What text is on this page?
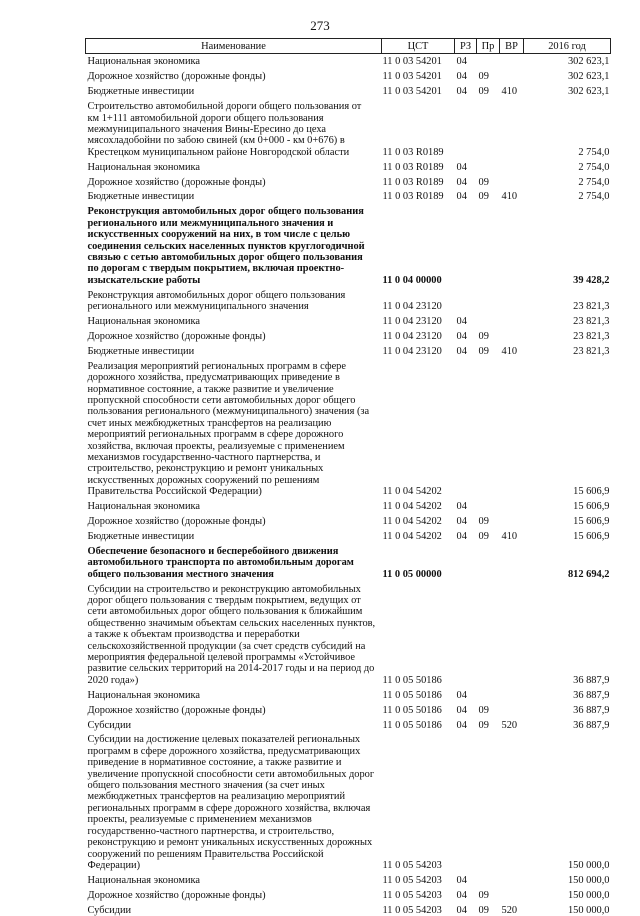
273
Наименование	ЦСТ	РЗ	Пр	ВР	2016 год
Национальная экономика	11 0 03 54201	04			302 623,1
Дорожное хозяйство (дорожные фонды)	11 0 03 54201	04	09		302 623,1
Бюджетные инвестиции	11 0 03 54201	04	09	410	302 623,1
Строительство автомобильной дороги общего пользования от км 1+111 автомобильной дороги общего пользования межмуниципального значения Вины-Ересино до цеха мясохладобойни по забою свиней (км 0+000 - км 0+676) в Крестецком муниципальном районе Новгородской области	11 0 03 R0189				2 754,0
Национальная экономика	11 0 03 R0189	04			2 754,0
Дорожное хозяйство (дорожные фонды)	11 0 03 R0189	04	09		2 754,0
Бюджетные инвестиции	11 0 03 R0189	04	09	410	2 754,0
Реконструкция автомобильных дорог общего пользования регионального или межмуниципального значения и искусственных сооружений на них, в том числе с целью соединения сельских населенных пунктов круглогодичной связью с сетью автомобильных дорог общего пользования по дорогам с твердым покрытием, включая проектно-изыскательские работы	11 0 04 00000				39 428,2
Реконструкция автомобильных дорог общего пользования регионального или межмуниципального значения	11 0 04 23120				23 821,3
Национальная экономика	11 0 04 23120	04			23 821,3
Дорожное хозяйство (дорожные фонды)	11 0 04 23120	04	09		23 821,3
Бюджетные инвестиции	11 0 04 23120	04	09	410	23 821,3
Реализация мероприятий региональных программ в сфере дорожного хозяйства, предусматривающих приведение в нормативное состояние, а также развитие и увеличение пропускной способности сети автомобильных дорог общего пользования регионального (межмуниципального) значения (за счет иных межбюджетных трансфертов на реализацию мероприятий региональных программ в сфере дорожного хозяйства, включая проекты, реализуемые с применением механизмов государственно-частного партнерства, и строительство, реконструкцию и ремонт уникальных искусственных дорожных сооружений по решениям Правительства Российской Федерации)	11 0 04 54202				15 606,9
Национальная экономика	11 0 04 54202	04			15 606,9
Дорожное хозяйство (дорожные фонды)	11 0 04 54202	04	09		15 606,9
Бюджетные инвестиции	11 0 04 54202	04	09	410	15 606,9
Обеспечение безопасного и бесперебойного движения автомобильного транспорта по автомобильным дорогам общего пользования местного значения	11 0 05 00000				812 694,2
Субсидии на строительство и реконструкцию автомобильных дорог общего пользования с твердым покрытием, ведущих от сети автомобильных дорог общего пользования к ближайшим общественно значимым объектам сельских населенных пунктов, а также к объектам производства и переработки сельскохозяйственной продукции (за счет средств субсидий на мероприятия федеральной целевой программы «Устойчивое развитие сельских территорий на 2014-2017 годы и на период до 2020 года»)	11 0 05 50186				36 887,9
Национальная экономика	11 0 05 50186	04			36 887,9
Дорожное хозяйство (дорожные фонды)	11 0 05 50186	04	09		36 887,9
Субсидии	11 0 05 50186	04	09	520	36 887,9
Субсидии на достижение целевых показателей региональных программ в сфере дорожного хозяйства, предусматривающих приведение в нормативное состояние, а также развитие и увеличение пропускной способности сети автомобильных дорог общего пользования местного значения (за счет иных межбюджетных трансфертов на реализацию мероприятий региональных программ в сфере дорожного хозяйства, включая проекты, реализуемые с применением механизмов государственно-частного партнерства, и строительство, реконструкцию и ремонт уникальных искусственных дорожных сооружений по решениям Правительства Российской Федерации)	11 0 05 54203				150 000,0
Национальная экономика	11 0 05 54203	04			150 000,0
Дорожное хозяйство (дорожные фонды)	11 0 05 54203	04	09		150 000,0
Субсидии	11 0 05 54203	04	09	520	150 000,0
